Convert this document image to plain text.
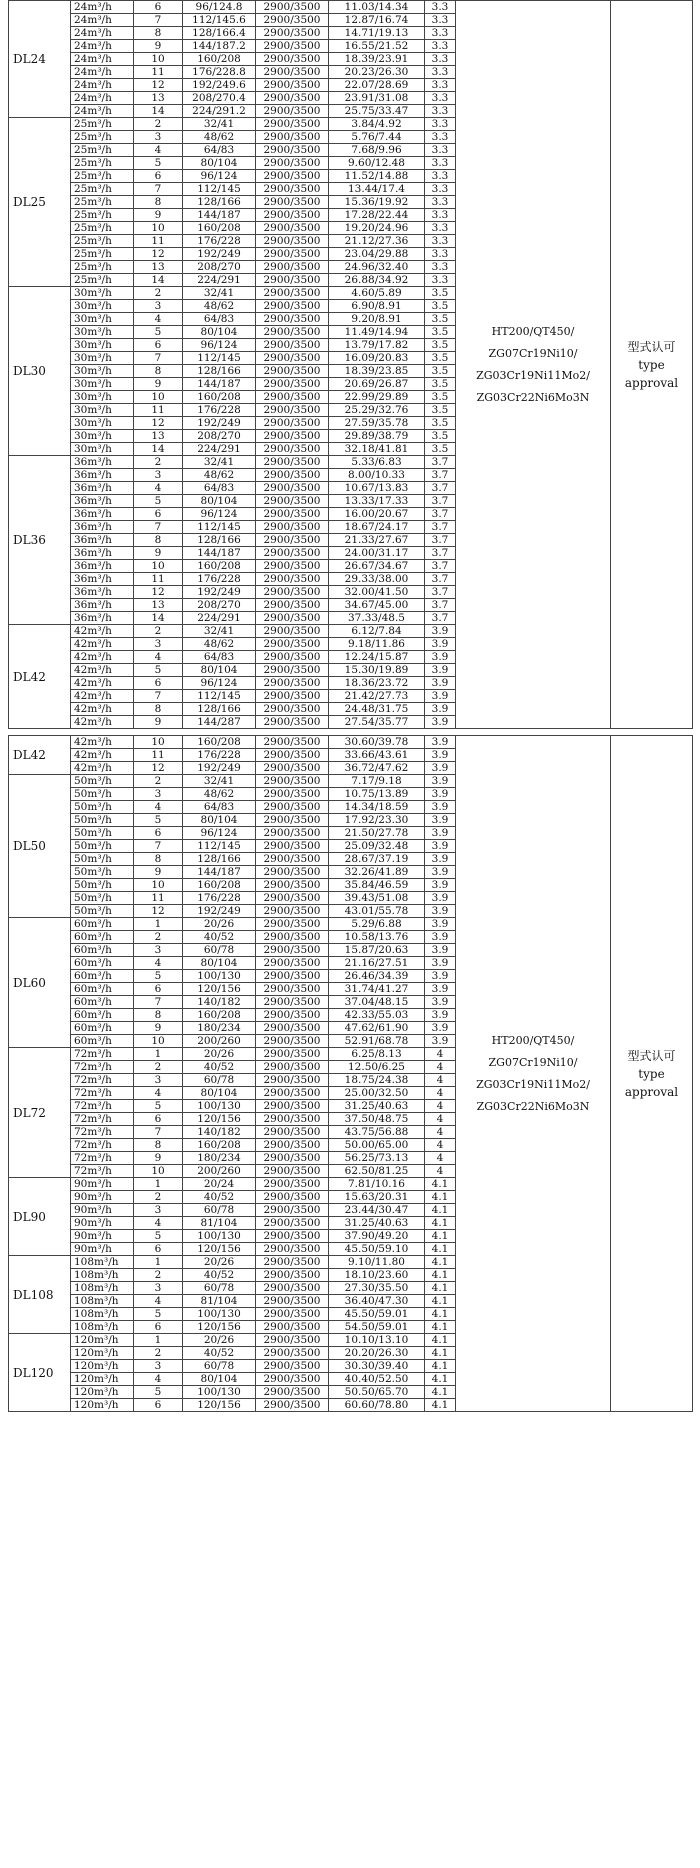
DL24	24m³/h	6	96/124.8	2900/3500	11.03/14.34	3.3	HT200/QT450/
ZG07Cr19Ni10/
ZG03Cr19Ni11Mo2/
ZG03Cr22Ni6Mo3N	型式认可
type
approval

	24m³/h	7	112/145.6	2900/3500	12.87/16.74	3.3		
	24m³/h	8	128/166.4	2900/3500	14.71/19.13	3.3		
	24m³/h	9	144/187.2	2900/3500	16.55/21.52	3.3		
	24m³/h	10	160/208	2900/3500	18.39/23.91	3.3		
	24m³/h	11	176/228.8	2900/3500	20.23/26.30	3.3		
	24m³/h	12	192/249.6	2900/3500	22.07/28.69	3.3		
	24m³/h	13	208/270.4	2900/3500	23.91/31.08	3.3		
	24m³/h	14	224/291.2	2900/3500	25.75/33.47	3.3		
DL25	25m³/h	2	32/41	2900/3500	3.84/4.92	3.3		
	25m³/h	3	48/62	2900/3500	5.76/7.44	3.3		
	25m³/h	4	64/83	2900/3500	7.68/9.96	3.3		
	25m³/h	5	80/104	2900/3500	9.60/12.48	3.3		
	25m³/h	6	96/124	2900/3500	11.52/14.88	3.3		
	25m³/h	7	112/145	2900/3500	13.44/17.4	3.3		
	25m³/h	8	128/166	2900/3500	15.36/19.92	3.3		
	25m³/h	9	144/187	2900/3500	17.28/22.44	3.3		
	25m³/h	10	160/208	2900/3500	19.20/24.96	3.3		
	25m³/h	11	176/228	2900/3500	21.12/27.36	3.3		
	25m³/h	12	192/249	2900/3500	23.04/29.88	3.3		
	25m³/h	13	208/270	2900/3500	24.96/32.40	3.3		
	25m³/h	14	224/291	2900/3500	26.88/34.92	3.3		
DL30	30m³/h	2	32/41	2900/3500	4.60/5.89	3.5		
	30m³/h	3	48/62	2900/3500	6.90/8.91	3.5		
	30m³/h	4	64/83	2900/3500	9.20/8.91	3.5		
	30m³/h	5	80/104	2900/3500	11.49/14.94	3.5		
	30m³/h	6	96/124	2900/3500	13.79/17.82	3.5		
	30m³/h	7	112/145	2900/3500	16.09/20.83	3.5		
	30m³/h	8	128/166	2900/3500	18.39/23.85	3.5		
	30m³/h	9	144/187	2900/3500	20.69/26.87	3.5		
	30m³/h	10	160/208	2900/3500	22.99/29.89	3.5		
	30m³/h	11	176/228	2900/3500	25.29/32.76	3.5		
	30m³/h	12	192/249	2900/3500	27.59/35.78	3.5		
	30m³/h	13	208/270	2900/3500	29.89/38.79	3.5		
	30m³/h	14	224/291	2900/3500	32.18/41.81	3.5		
DL36	36m³/h	2	32/41	2900/3500	5.33/6.83	3.7		
	36m³/h	3	48/62	2900/3500	8.00/10.33	3.7		
	36m³/h	4	64/83	2900/3500	10.67/13.83	3.7		
	36m³/h	5	80/104	2900/3500	13.33/17.33	3.7		
	36m³/h	6	96/124	2900/3500	16.00/20.67	3.7		
	36m³/h	7	112/145	2900/3500	18.67/24.17	3.7		
	36m³/h	8	128/166	2900/3500	21.33/27.67	3.7		
	36m³/h	9	144/187	2900/3500	24.00/31.17	3.7		
	36m³/h	10	160/208	2900/3500	26.67/34.67	3.7		
	36m³/h	11	176/228	2900/3500	29.33/38.00	3.7		
	36m³/h	12	192/249	2900/3500	32.00/41.50	3.7		
	36m³/h	13	208/270	2900/3500	34.67/45.00	3.7		
	36m³/h	14	224/291	2900/3500	37.33/48.5	3.7		
DL42	42m³/h	2	32/41	2900/3500	6.12/7.84	3.9		
	42m³/h	3	48/62	2900/3500	9.18/11.86	3.9		
	42m³/h	4	64/83	2900/3500	12.24/15.87	3.9		
	42m³/h	5	80/104	2900/3500	15.30/19.89	3.9		
	42m³/h	6	96/124	2900/3500	18.36/23.72	3.9		
	42m³/h	7	112/145	2900/3500	21.42/27.73	3.9		
	42m³/h	8	128/166	2900/3500	24.48/31.75	3.9		
	42m³/h	9	144/287	2900/3500	27.54/35.77	3.9		
DL42	42m³/h	10	160/208	2900/3500	30.60/39.78	3.9	HT200/QT450/
ZG07Cr19Ni10/
ZG03Cr19Ni11Mo2/
ZG03Cr22Ni6Mo3N	型式认可
type
approval

	42m³/h	11	176/228	2900/3500	33.66/43.61	3.9		
	42m³/h	12	192/249	2900/3500	36.72/47.62	3.9		
DL50	50m³/h	2	32/41	2900/3500	7.17/9.18	3.9		
	50m³/h	3	48/62	2900/3500	10.75/13.89	3.9		
	50m³/h	4	64/83	2900/3500	14.34/18.59	3.9		
	50m³/h	5	80/104	2900/3500	17.92/23.30	3.9		
	50m³/h	6	96/124	2900/3500	21.50/27.78	3.9		
	50m³/h	7	112/145	2900/3500	25.09/32.48	3.9		
	50m³/h	8	128/166	2900/3500	28.67/37.19	3.9		
	50m³/h	9	144/187	2900/3500	32.26/41.89	3.9		
	50m³/h	10	160/208	2900/3500	35.84/46.59	3.9		
	50m³/h	11	176/228	2900/3500	39.43/51.08	3.9		
	50m³/h	12	192/249	2900/3500	43.01/55.78	3.9		
DL60	60m³/h	1	20/26	2900/3500	5.29/6.88	3.9		
	60m³/h	2	40/52	2900/3500	10.58/13.76	3.9		
	60m³/h	3	60/78	2900/3500	15.87/20.63	3.9		
	60m³/h	4	80/104	2900/3500	21.16/27.51	3.9		
	60m³/h	5	100/130	2900/3500	26.46/34.39	3.9		
	60m³/h	6	120/156	2900/3500	31.74/41.27	3.9		
	60m³/h	7	140/182	2900/3500	37.04/48.15	3.9		
	60m³/h	8	160/208	2900/3500	42.33/55.03	3.9		
	60m³/h	9	180/234	2900/3500	47.62/61.90	3.9		
	60m³/h	10	200/260	2900/3500	52.91/68.78	3.9		
DL72	72m³/h	1	20/26	2900/3500	6.25/8.13	4		
	72m³/h	2	40/52	2900/3500	12.50/6.25	4		
	72m³/h	3	60/78	2900/3500	18.75/24.38	4		
	72m³/h	4	80/104	2900/3500	25.00/32.50	4		
	72m³/h	5	100/130	2900/3500	31.25/40.63	4		
	72m³/h	6	120/156	2900/3500	37.50/48.75	4		
	72m³/h	7	140/182	2900/3500	43.75/56.88	4		
	72m³/h	8	160/208	2900/3500	50.00/65.00	4		
	72m³/h	9	180/234	2900/3500	56.25/73.13	4		
	72m³/h	10	200/260	2900/3500	62.50/81.25	4		
DL90	90m³/h	1	20/24	2900/3500	7.81/10.16	4.1		
	90m³/h	2	40/52	2900/3500	15.63/20.31	4.1		
	90m³/h	3	60/78	2900/3500	23.44/30.47	4.1		
	90m³/h	4	81/104	2900/3500	31.25/40.63	4.1		
	90m³/h	5	100/130	2900/3500	37.90/49.20	4.1		
	90m³/h	6	120/156	2900/3500	45.50/59.10	4.1		
DL108	108m³/h	1	20/26	2900/3500	9.10/11.80	4.1		
	108m³/h	2	40/52	2900/3500	18.10/23.60	4.1		
	108m³/h	3	60/78	2900/3500	27.30/35.50	4.1		
	108m³/h	4	81/104	2900/3500	36.40/47.30	4.1		
	108m³/h	5	100/130	2900/3500	45.50/59.01	4.1		
	108m³/h	6	120/156	2900/3500	54.50/59.01	4.1		
DL120	120m³/h	1	20/26	2900/3500	10.10/13.10	4.1		
	120m³/h	2	40/52	2900/3500	20.20/26.30	4.1		
	120m³/h	3	60/78	2900/3500	30.30/39.40	4.1		
	120m³/h	4	80/104	2900/3500	40.40/52.50	4.1		
	120m³/h	5	100/130	2900/3500	50.50/65.70	4.1		
	120m³/h	6	120/156	2900/3500	60.60/78.80	4.1		
